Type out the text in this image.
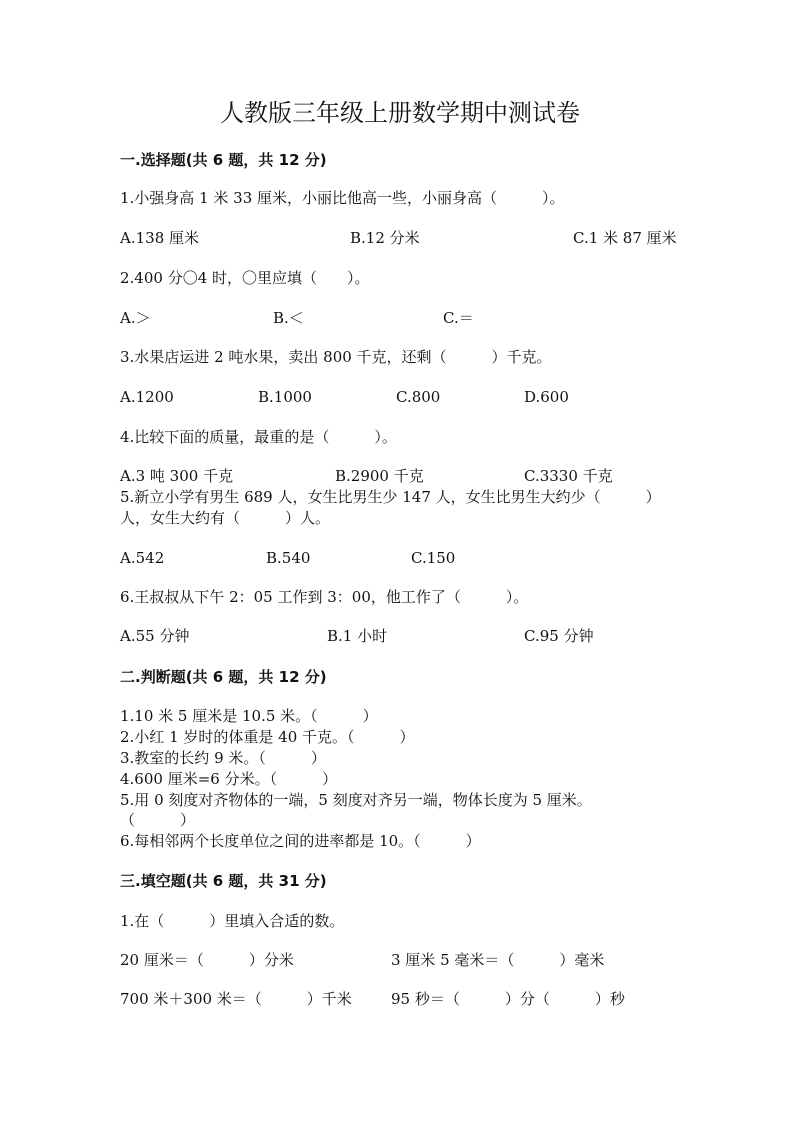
人教版三年级上册数学期中测试卷
一.选择题(共 6 题，共 12 分)
1.小强身高 1 米 33 厘米，小丽比他高一些，小丽身高（　　　）。
A.138 厘米	B.12 分米	C.1 米 87 厘米
2.400 分〇4 时，〇里应填（　　）。
A.＞	B.＜	C.＝
3.水果店运进 2 吨水果，卖出 800 千克，还剩（　　　）千克。
A.1200	B.1000	C.800	D.600
4.比较下面的质量，最重的是（　　　）。
A.3 吨 300 千克	B.2900 千克	C.3330 千克
5.新立小学有男生 689 人，女生比男生少 147 人，女生比男生大约少（　　　）
人，女生大约有（　　　）人。
A.542	B.540	C.150
6.王叔叔从下午 2：05 工作到 3：00，他工作了（　　　）。
A.55 分钟	B.1 小时	C.95 分钟
二.判断题(共 6 题，共 12 分)
1.10 米 5 厘米是 10.5 米。（　　　）
2.小红 1 岁时的体重是 40 千克。（　　　）
3.教室的长约 9 米。（　　　）
4.600 厘米=6 分米。（　　　）
5.用 0 刻度对齐物体的一端，5 刻度对齐另一端，物体长度为 5 厘米。
（　　　）
6.每相邻两个长度单位之间的进率都是 10。（　　　）
三.填空题(共 6 题，共 31 分)
1.在（　　　）里填入合适的数。
20 厘米＝（　　　）分米	3 厘米 5 毫米＝（　　　）毫米
700 米＋300 米＝（　　　）千米	95 秒＝（　　　）分（　　　）秒
